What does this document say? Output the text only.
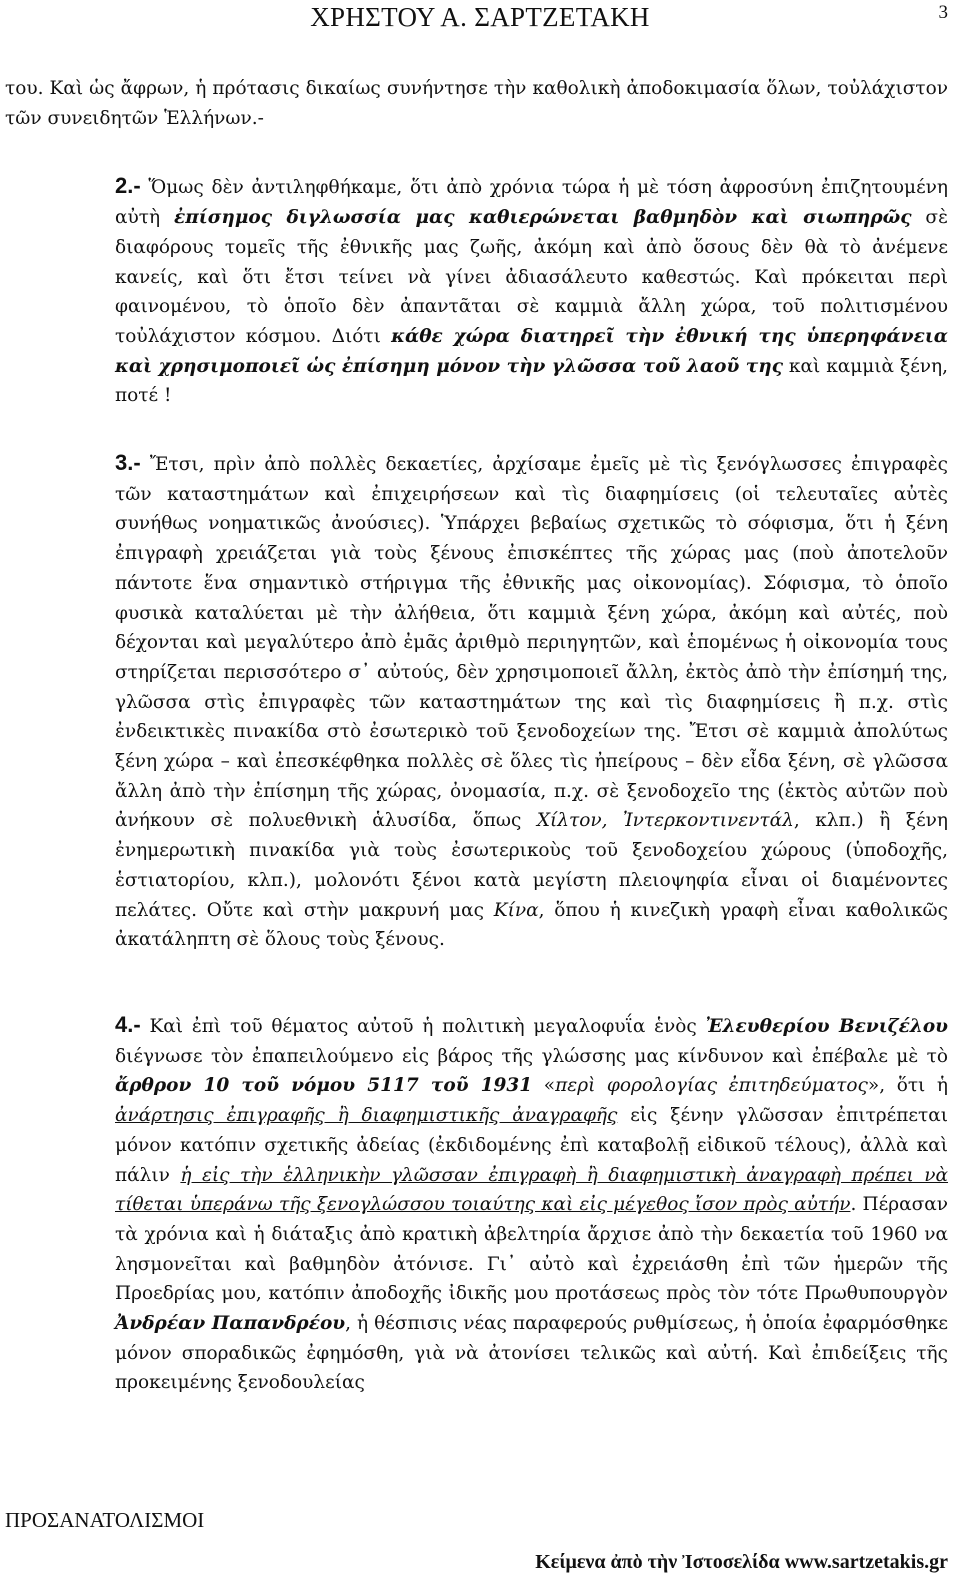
ΧΡΗΣΤΟΥ Α. ΣΑΡΤΖΕΤΑΚΗ	3

του. Καὶ ὡς ἄφρων, ἡ πρότασις δικαίως συνήντησε τὴν καθολικὴ ἀποδοκιμασία ὅλων, τοὐλάχιστον τῶν συνειδητῶν Ἑλλήνων.-

2.- Ὅμως δὲν ἀντιληφθήκαμε, ὅτι ἀπὸ χρόνια τώρα ἡ μὲ τόση ἀφροσύνη ἐπιζητουμένη αὐτὴ ἐπίσημος διγλωσσία μας καθιερώνεται βαθμηδὸν καὶ σιωπηρῶς σὲ διαφόρους τομεῖς τῆς ἐθνικῆς μας ζωῆς, ἀκόμη καὶ ἀπὸ ὅσους δὲν θὰ τὸ ἀνέμενε κανείς, καὶ ὅτι ἔτσι τείνει νὰ γίνει ἀδιασάλευτο καθεστώς. Καὶ πρόκειται περὶ φαινομένου, τὸ ὁποῖο δὲν ἀπαντᾶται σὲ καμμιὰ ἄλλη χώρα, τοῦ πολιτισμένου τοὐλάχιστον κόσμου. Διότι κάθε χώρα διατηρεῖ τὴν ἐθνική της ὑπερηφάνεια καὶ χρησιμοποιεῖ ὡς ἐπίσημη μόνον τὴν γλῶσσα τοῦ λαοῦ της καὶ καμμιὰ ξένη, ποτέ !

3.- Ἔτσι, πρὶν ἀπὸ πολλὲς δεκαετίες, ἀρχίσαμε ἐμεῖς μὲ τὶς ξενόγλωσσες ἐπιγραφὲς τῶν καταστημάτων καὶ ἐπιχειρήσεων καὶ τὶς διαφημίσεις (οἱ τελευταῖες αὐτὲς συνήθως νοηματικῶς ἀνούσιες). Ὑπάρχει βεβαίως σχετικῶς τὸ σόφισμα, ὅτι ἡ ξένη ἐπιγραφὴ χρειάζεται γιὰ τοὺς ξένους ἐπισκέπτες τῆς χώρας μας (ποὺ ἀποτελοῦν πάντοτε ἕνα σημαντικὸ στήριγμα τῆς ἐθνικῆς μας οἰκονομίας). Σόφισμα, τὸ ὁποῖο φυσικὰ καταλύεται μὲ τὴν ἀλήθεια, ὅτι καμμιὰ ξένη χώρα, ἀκόμη καὶ αὐτές, ποὺ δέχονται καὶ μεγαλύτερο ἀπὸ ἐμᾶς ἀριθμὸ περιηγητῶν, καὶ ἑπομένως ἡ οἰκονομία τους στηρίζεται περισσότερο σ᾽ αὐτούς, δὲν χρησιμοποιεῖ ἄλλη, ἐκτὸς ἀπὸ τὴν ἐπίσημή της, γλῶσσα στὶς ἐπιγραφὲς τῶν καταστημάτων της καὶ τὶς διαφημίσεις ἢ π.χ. στὶς ἐνδεικτικὲς πινακίδα στὸ ἐσωτερικὸ τοῦ ξενοδοχείων της. Ἔτσι σὲ καμμιὰ ἀπολύτως ξένη χώρα – καὶ ἐπεσκέφθηκα πολλὲς σὲ ὅλες τὶς ἠπείρους – δὲν εἶδα ξένη, σὲ γλῶσσα ἄλλη ἀπὸ τὴν ἐπίσημη τῆς χώρας, ὀνομασία, π.χ. σὲ ξενοδοχεῖο της (ἐκτὸς αὐτῶν ποὺ ἀνήκουν σὲ πολυεθνικὴ ἁλυσίδα, ὅπως Χίλτον, Ἰντερκοντινεντάλ, κλπ.) ἢ ξένη ἐνημερωτικὴ πινακίδα γιὰ τοὺς ἐσωτερικοὺς τοῦ ξενοδοχείου χώρους (ὑποδοχῆς, ἑστιατορίου, κλπ.), μολονότι ξένοι κατὰ μεγίστη πλειοψηφία εἶναι οἱ διαμένοντες πελάτες. Οὔτε καὶ στὴν μακρυνή μας Κίνα, ὅπου ἡ κινεζικὴ γραφὴ εἶναι καθολικῶς ἀκατάληπτη σὲ ὅλους τοὺς ξένους.

4.- Καὶ ἐπὶ τοῦ θέματος αὐτοῦ ἡ πολιτικὴ μεγαλοφυΐα ἑνὸς Ἐλευθερίου Βενιζέλου διέγνωσε τὸν ἐπαπειλούμενο εἰς βάρος τῆς γλώσσης μας κίνδυνον καὶ ἐπέβαλε μὲ τὸ ἄρθρον 10 τοῦ νόμου 5117 τοῦ 1931 «περὶ φορολογίας ἐπιτηδεύματος», ὅτι ἡ ἀνάρτησις ἐπιγραφῆς ἢ διαφημιστικῆς ἀναγραφῆς εἰς ξένην γλῶσσαν ἐπιτρέπεται μόνον κατόπιν σχετικῆς ἀδείας (ἐκδιδομένης ἐπὶ καταβολῇ εἰδικοῦ τέλους), ἀλλὰ καὶ πάλιν ἡ εἰς τὴν ἑλληνικὴν γλῶσσαν ἐπιγραφὴ ἢ διαφημιστικὴ ἀναγραφὴ πρέπει νὰ τίθεται ὑπεράνω τῆς ξενογλώσσου τοιαύτης καὶ εἰς μέγεθος ἴσον πρὸς αὐτήν. Πέρασαν τὰ χρόνια καὶ ἡ διάταξις ἀπὸ κρατικὴ ἀβελτηρία ἄρχισε ἀπὸ τὴν δεκαετία τοῦ 1960 να λησμονεῖται καὶ βαθμηδὸν ἀτόνισε. Γι᾽ αὐτὸ καὶ ἐχρειάσθη ἐπὶ τῶν ἡμερῶν τῆς Προεδρίας μου, κατόπιν ἀποδοχῆς ἰδικῆς μου προτάσεως πρὸς τὸν τότε Πρωθυπουργὸν Ἀνδρέαν Παπανδρέου, ἡ θέσπισις νέας παραφερούς ρυθμίσεως, ἡ ὁποία ἐφαρμόσθηκε μόνον σποραδικῶς ἐφημόσθη, γιὰ νὰ ἀτονίσει τελικῶς καὶ αὐτή. Καὶ ἐπιδείξεις τῆς προκειμένης ξενοδουλείας

ΠΡΟΣΑΝΑΤΟΛΙΣΜΟΙ
Κείμενα ἀπὸ τὴν Ἰστοσελίδα www.sartzetakis.gr
